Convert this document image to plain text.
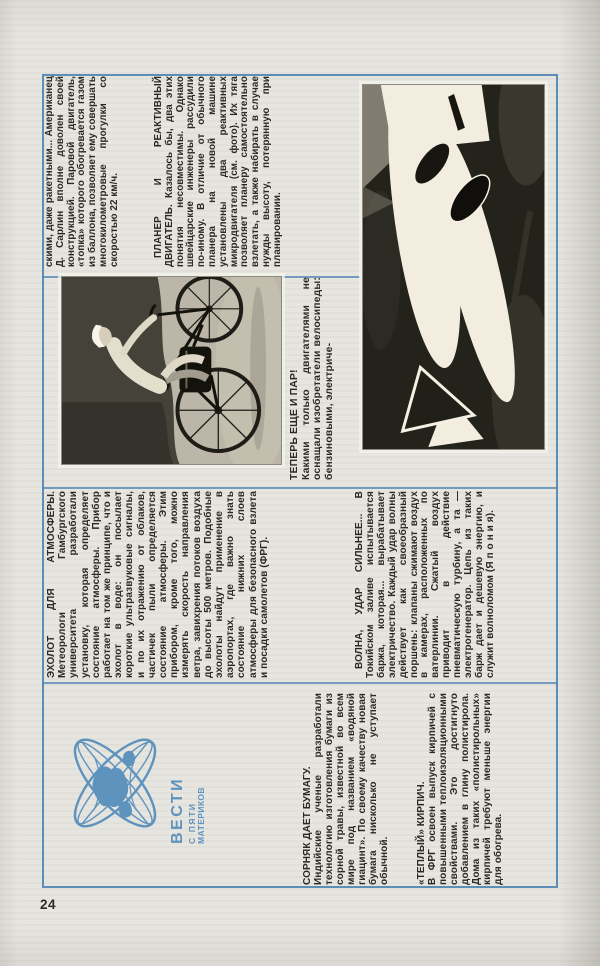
ВЕСТИ С ПЯТИ
МАТЕРИКОВ	СОРНЯК ДАЕТ БУМАГУ. Индийские ученые разработали технологию изготовления бумаги из сорной травы, известной во всем мире под названием «водяной гиацинт». По своему качеству новая бумага нисколько не уступает обычной.	«ТЕПЛЫЙ» КИРПИЧ. В ФРГ освоен выпуск кирпичей с повышенными теплоизоляционными свойствами. Это достигнуто добавлением в глину полистирола. Дома из таких «полистирольных» кирпичей требуют меньше энергии для обогрева.

ЭХОЛОТ ДЛЯ АТМОСФЕРЫ. Метеорологи Гамбургского университета разработали установку, которая определяет состояние атмосферы. Прибор работает на том же принципе, что и эхолот в воде: он посылает короткие ультразвуковые сигналы, и по их отражению от облаков, частичек пыли определяется состояние атмосферы. Этим прибором, кроме того, можно измерять скорость направления ветра, завихрения потоков воздуха до высоты 500 метров. Подобные эхолоты найдут применение в аэропортах, где важно знать состояние нижних слоев атмосферы для безопасного взлета и посадки самолетов (ФРГ).	ВОЛНА, УДАР СИЛЬНЕЕ... В Токийском заливе испытывается баржа, которая... вырабатывает электричество. Каждый удар волны действует как своеобразный поршень: клапаны сжимают воздух в камерах, расположенных по ватерлинии. Сжатый воздух приводит в действие пневматическую турбину, а та — электрогенератор. Цепь из таких барж дает и дешевую энергию, и служит волноломом (Я п о н и я).

ТЕПЕРЬ ЕЩЕ И ПАР! Какими только двигателями не оснащали изобретатели велосипеды: бензиновыми, электриче-

скими, даже ракетными... Американец Д. Сарлин вполне доволен своей конструкцией. Паровой двигатель, «топка» которого обогревается газом из баллона, позволяет ему совершать многокилометровые прогулки со скоростью 22 км/ч.	ПЛАНЕР И РЕАКТИВНЫЙ ДВИГАТЕЛЬ. Казалось бы, два этих понятия несовместимы. Однако швейцарские инженеры рассудили по-иному. В отличие от обычного планера на новой машине установлены два реактивных микродвигателя (см. фото). Их тяга позволяет планеру самостоятельно взлетать, а также набирать в случае нужды высоту, потерянную при планировании.

24
